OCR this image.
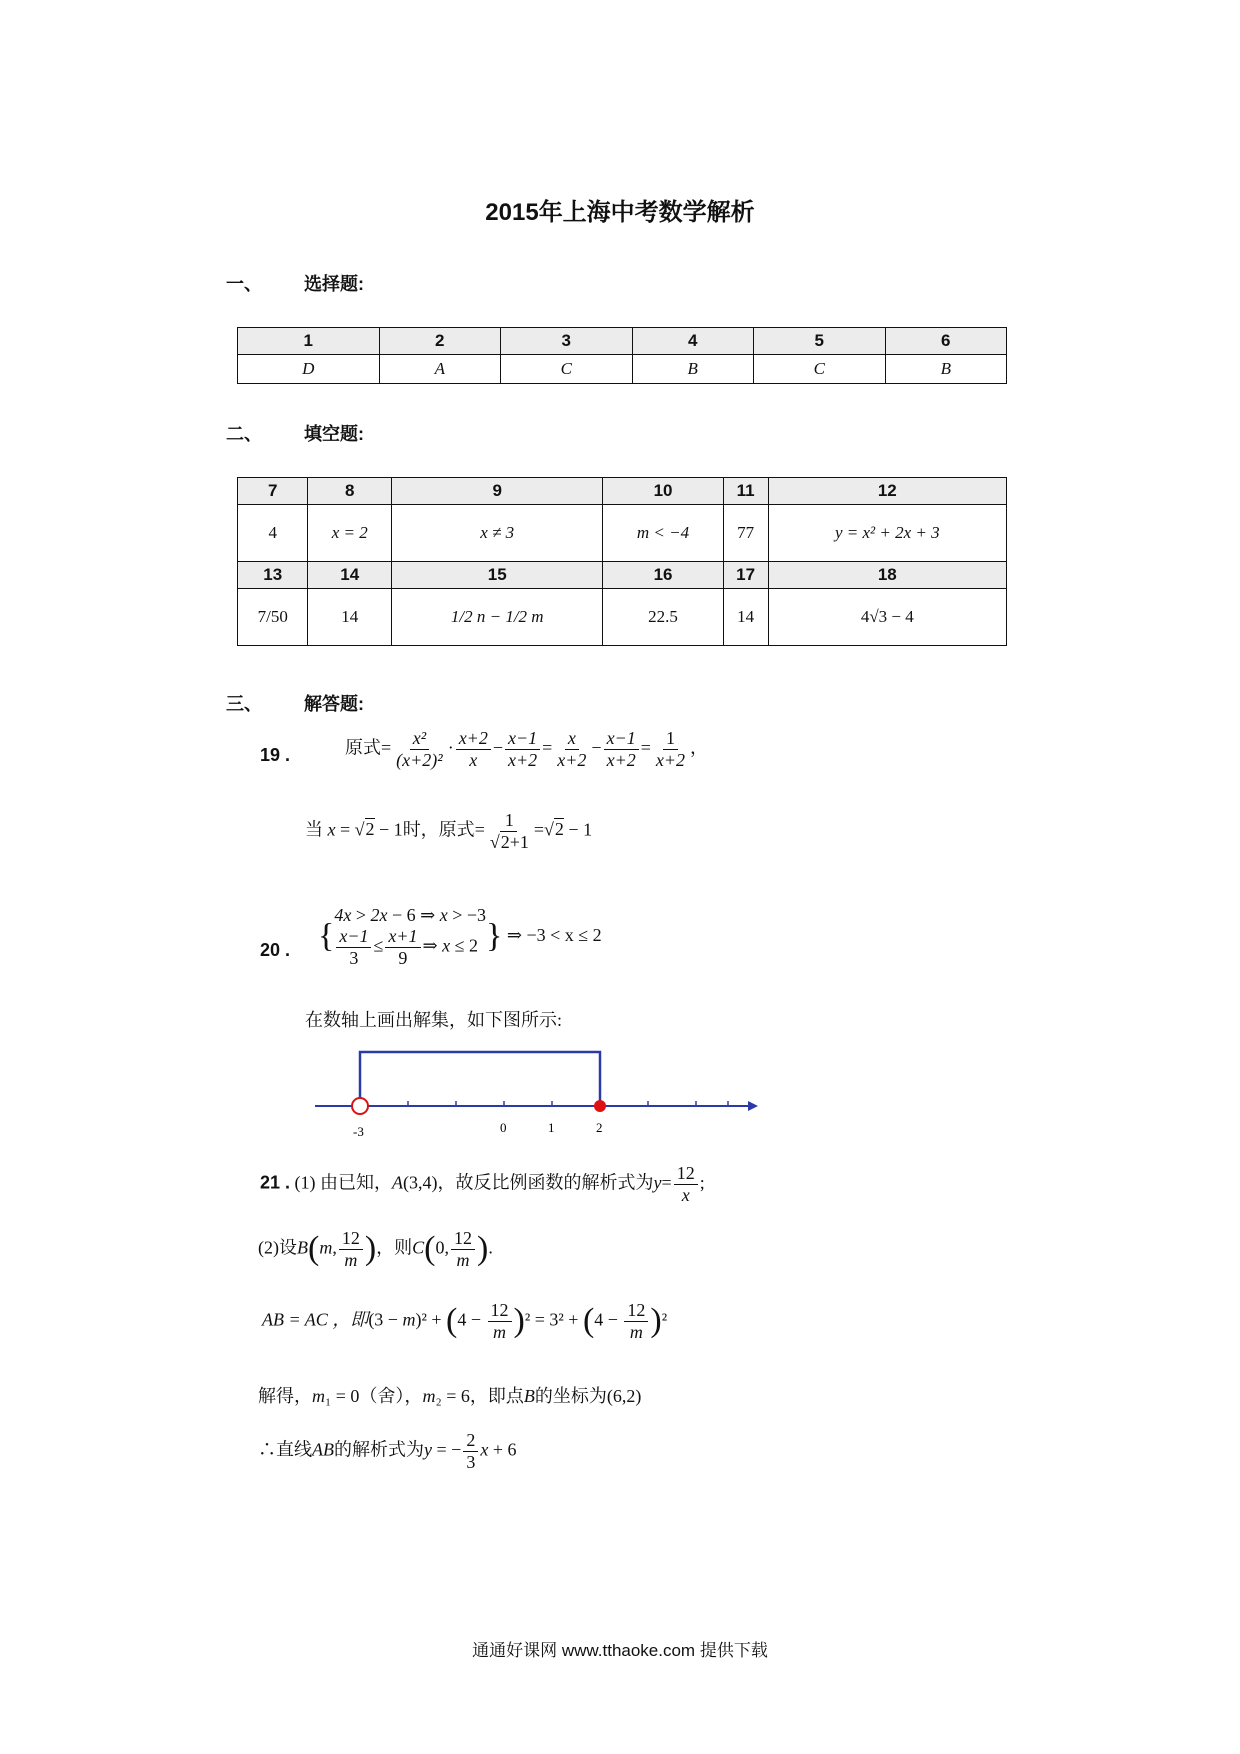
2015年上海中考数学解析
一、 选择题:
1	2	3	4	5	6
D	A	C	B	C	B
二、 填空题:
7	8	9	10	11	12
4	x = 2	x ≠ 3	m < −4	77	y = x² + 2x + 3
13	14	15	16	17	18
7/50	14	1/2 n − 1/2 m	22.5	14	4√3 − 4
三、 解答题:
19 .	原式= $\frac{\text{x²}}{\text{(x+2)²}} \cdot \frac{x+2}{x} - \frac{x-1}{x+2} = \frac{x}{x+2} - \frac{x-1}{x+2} = \frac{1}{x+2}$ ，
当 x = √2 − 1时，原式= $\frac{1}{√2+1} =√2 - 1$
20 . {
4x > 2x − 6 ⇒ x > −3
$\frac{x-1}{3} \le \frac{x+1}{9}$ ⇒ x ≤ 2 } ⇒ −3 < x ≤ 2
在数轴上画出解集，如下图所示:
-3	0	1	2
21 . (1) 由已知，A(3,4)，故反比例函数的解析式为$y= \frac{12}{x}$ ;
(2)设B(m, $\frac{12}{m}$ )，则C(0, $\frac{12}{m}$ ).
AB = AC ，即$(3 - m)^2 + (4 - \frac{12}{m} )^2 = 3^2 + (4 - \frac{12}{m} )^2$
解得，m₁ = 0（舍），m₂ = 6，即点B的坐标为(6,2)
∴直线AB的解析式为y = − $\frac{2}{3}$ x + 6
通通好课网 www.tthaoke.com 提供下载
